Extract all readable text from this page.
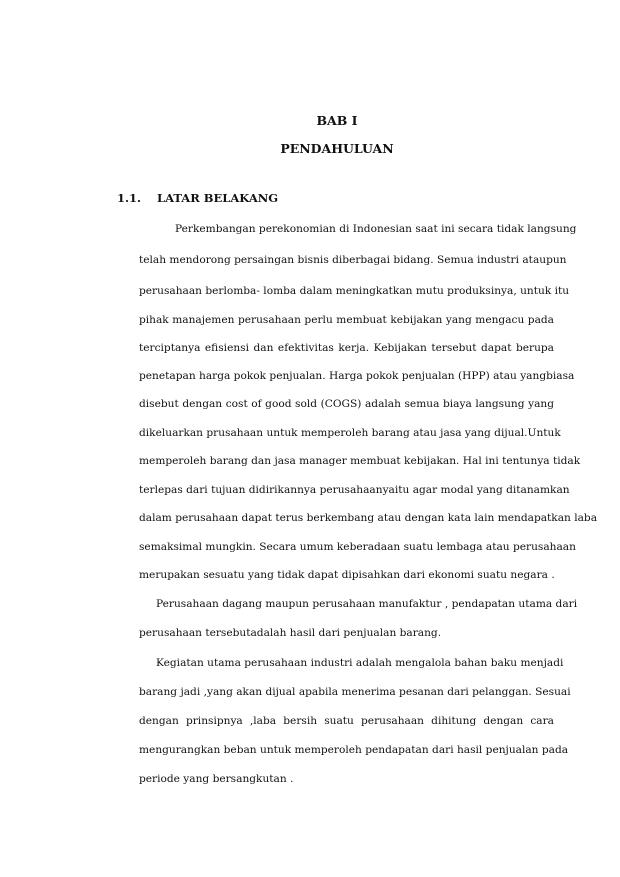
BAB I
PENDAHULUAN
1.1. LATAR BELAKANG
Perkembangan perekonomian di Indonesian saat ini secara tidak langsung
telah mendorong persaingan bisnis diberbagai bidang. Semua industri ataupun
perusahaan berlomba- lomba dalam meningkatkan mutu produksinya, untuk itu
pihak manajemen perusahaan perlu membuat kebijakan yang mengacu pada
terciptanya efisiensi dan efektivitas kerja. Kebijakan tersebut dapat berupa
penetapan harga pokok penjualan. Harga pokok penjualan (HPP) atau yangbiasa
disebut dengan cost of good sold (COGS) adalah semua biaya langsung yang
dikeluarkan prusahaan untuk memperoleh barang atau jasa yang dijual.Untuk
memperoleh barang dan jasa manager membuat kebijakan. Hal ini tentunya tidak
terlepas dari tujuan didirikannya perusahaanyaitu agar modal yang ditanamkan
dalam perusahaan dapat terus berkembang atau dengan kata lain mendapatkan laba
semaksimal mungkin. Secara umum keberadaan suatu lembaga atau perusahaan
merupakan sesuatu yang tidak dapat dipisahkan dari ekonomi suatu negara .
Perusahaan dagang maupun perusahaan manufaktur , pendapatan utama dari
perusahaan tersebutadalah hasil dari penjualan barang.
Kegiatan utama perusahaan industri adalah mengalola bahan baku menjadi
barang jadi ,yang akan dijual apabila menerima pesanan dari pelanggan. Sesuai
dengan prinsipnya ,laba bersih suatu perusahaan dihitung dengan cara
mengurangkan beban untuk memperoleh pendapatan dari hasil penjualan pada
periode yang bersangkutan .
